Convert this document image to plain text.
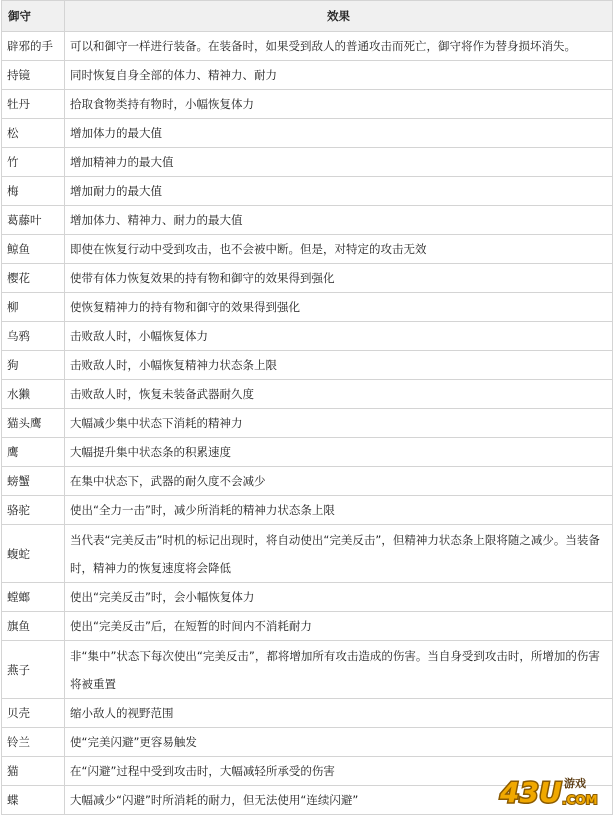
御守	效果
辟邪的手	可以和御守一样进行装备。在装备时，如果受到敌人的普通攻击而死亡，御守将作为替身损坏消失。
持镜	同时恢复自身全部的体力、精神力、耐力
牡丹	拾取食物类持有物时，小幅恢复体力
松	增加体力的最大值
竹	增加精神力的最大值
梅	增加耐力的最大值
葛藤叶	增加体力、精神力、耐力的最大值
鲸鱼	即使在恢复行动中受到攻击，也不会被中断。但是，对特定的攻击无效
樱花	使带有体力恢复效果的持有物和御守的效果得到强化
柳	使恢复精神力的持有物和御守的效果得到强化
乌鸦	击败敌人时，小幅恢复体力
狗	击败敌人时，小幅恢复精神力状态条上限
水獭	击败敌人时，恢复未装备武器耐久度
猫头鹰	大幅减少集中状态下消耗的精神力
鹰	大幅提升集中状态条的积累速度
螃蟹	在集中状态下，武器的耐久度不会减少
骆驼	使出“全力一击”时，减少所消耗的精神力状态条上限
蝮蛇	当代表“完美反击”时机的标记出现时，将自动使出“完美反击”，但精神力状态条上限将随之减少。当装备时，精神力的恢复速度将会降低
螳螂	使出“完美反击”时，会小幅恢复体力
旗鱼	使出“完美反击”后，在短暂的时间内不消耗耐力
燕子	非“集中”状态下每次使出“完美反击”，都将增加所有攻击造成的伤害。当自身受到攻击时，所增加的伤害将被重置
贝壳	缩小敌人的视野范围
铃兰	使“完美闪避”更容易触发
猫	在“闪避”过程中受到攻击时，大幅减轻所承受的伤害
蝶	大幅减少“闪避”时所消耗的耐力，但无法使用“连续闪避”	43U 游戏
.COM
